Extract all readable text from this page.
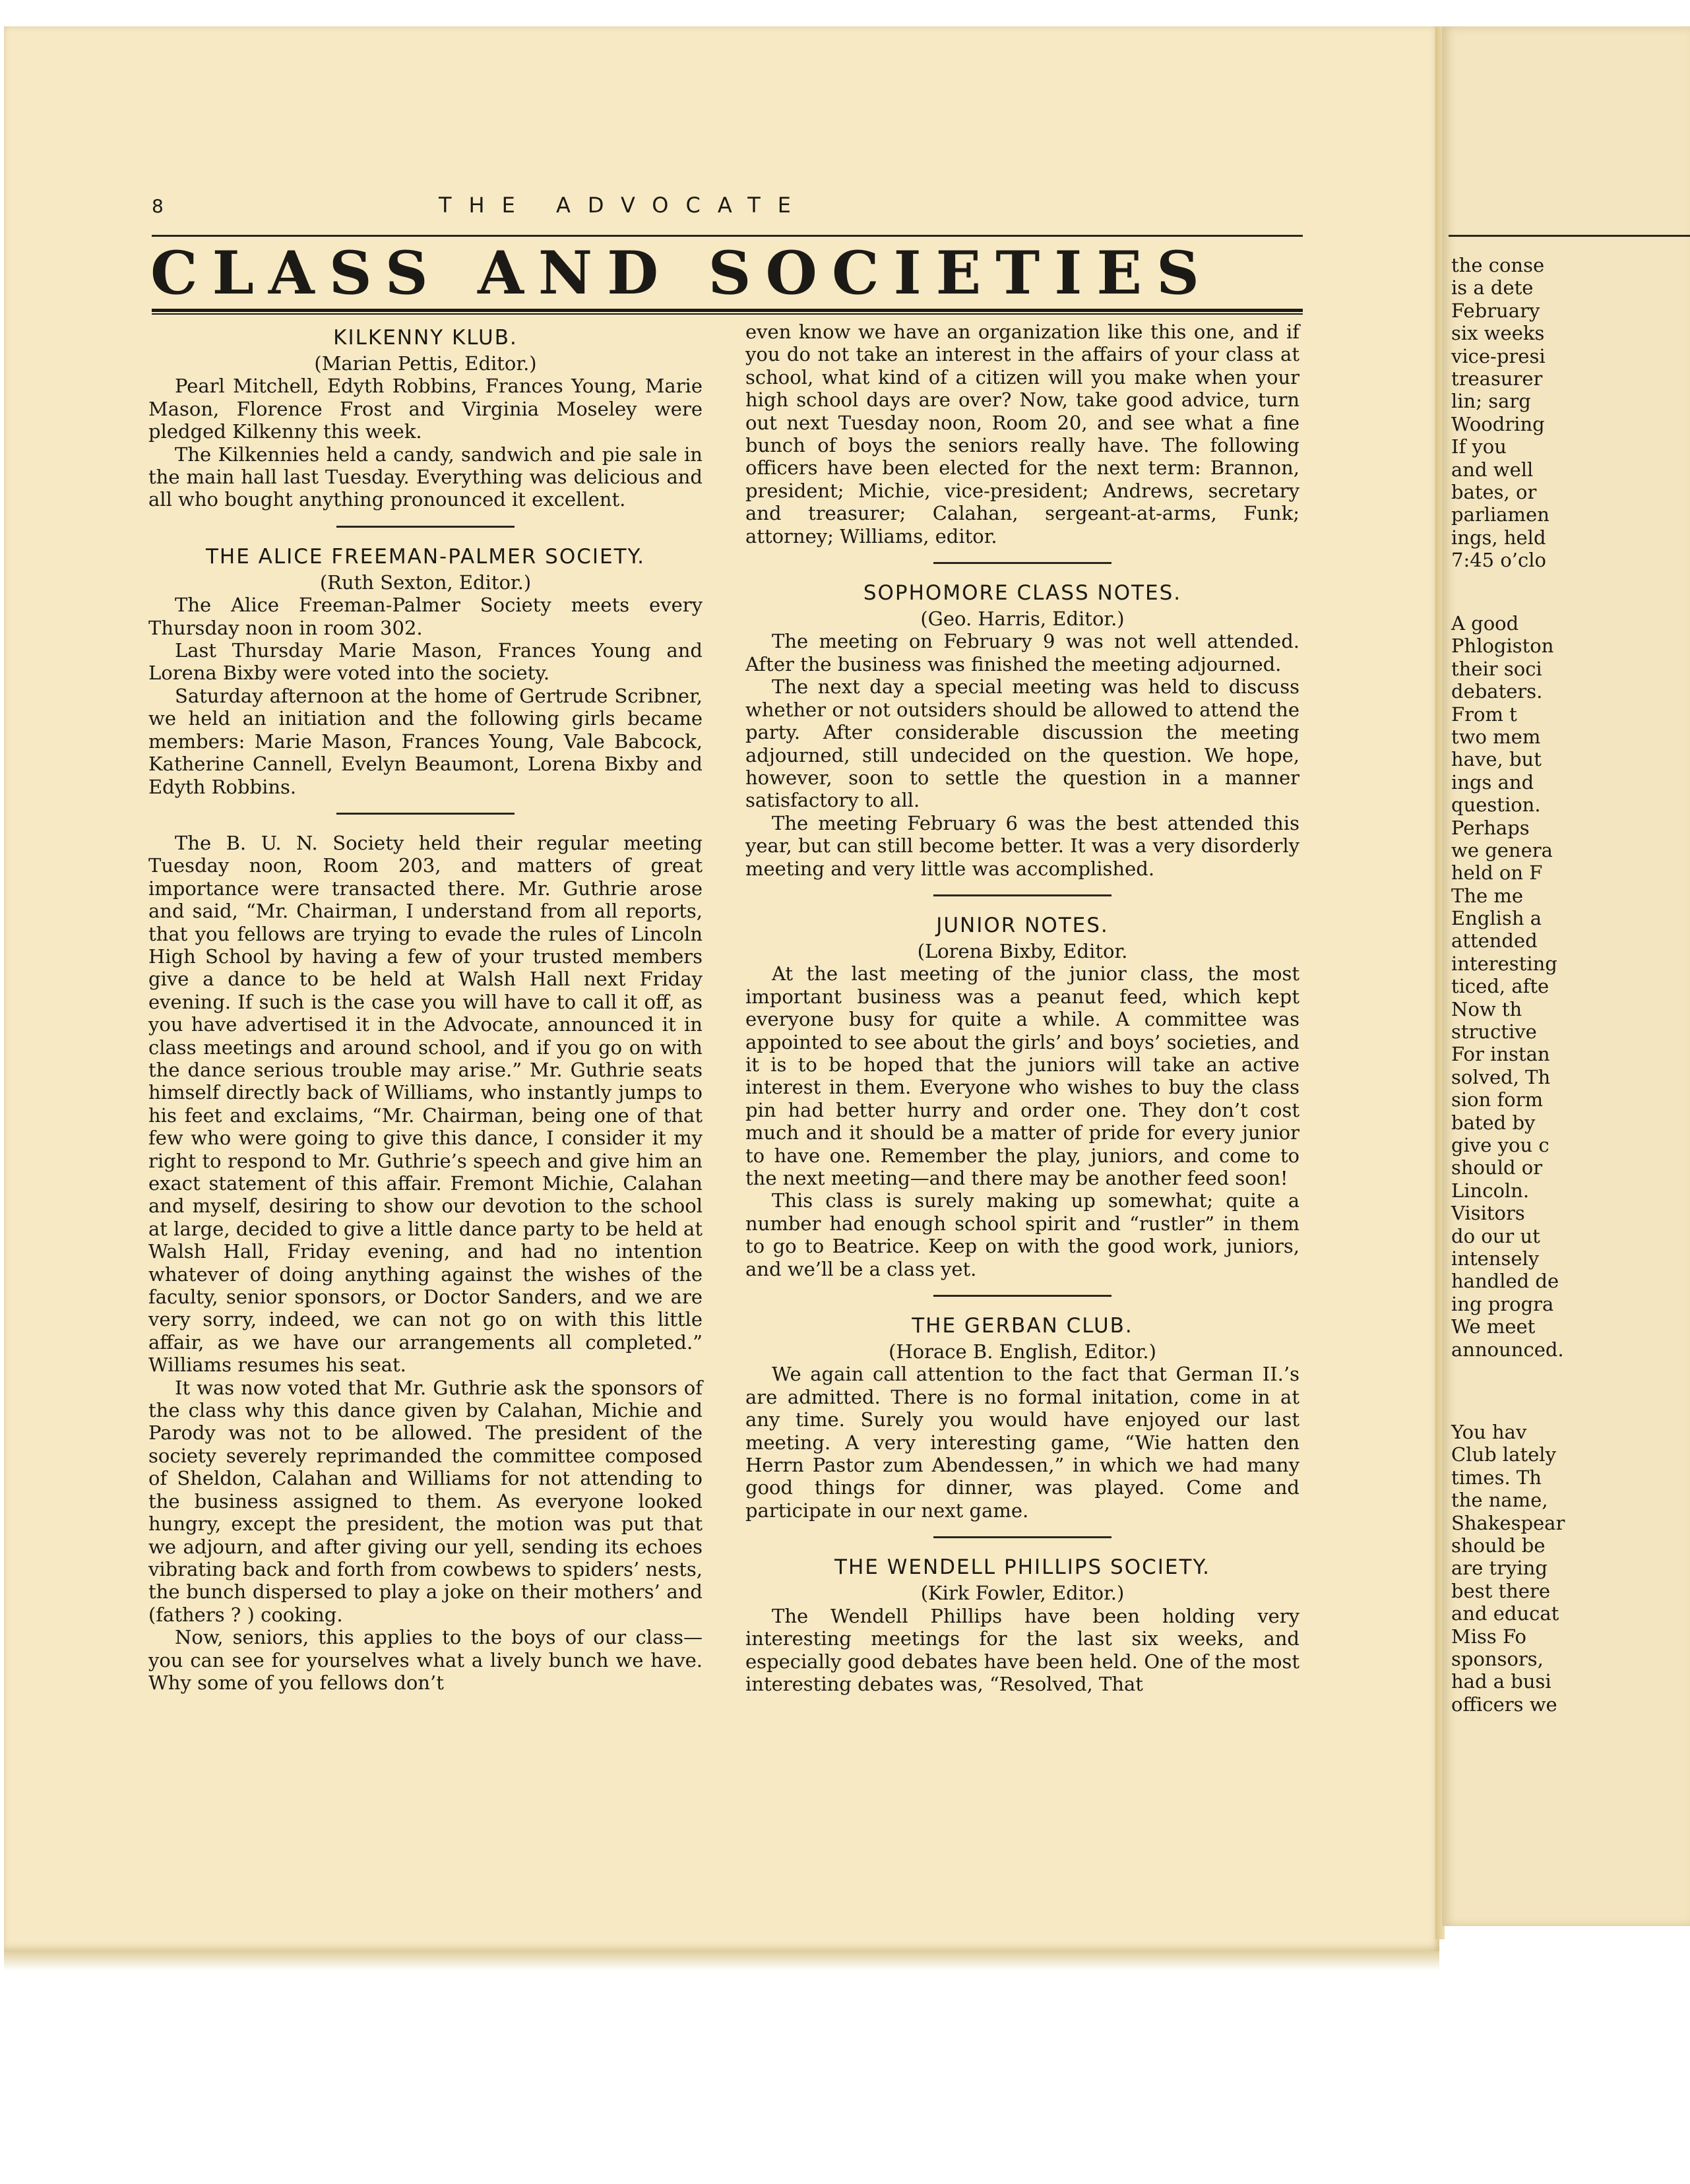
8	THE ADVOCATE
CLASS AND SOCIETIES
KILKENNY KLUB.
(Marian Pettis, Editor.)

Pearl Mitchell, Edyth Robbins, Frances Young, Marie Mason, Florence Frost and Virginia Moseley were pledged Kilkenny this week.

The Kilkennies held a candy, sandwich and pie sale in the main hall last Tuesday. Everything was delicious and all who bought anything pronounced it excellent.

THE ALICE FREEMAN-PALMER SOCIETY.
(Ruth Sexton, Editor.)

The Alice Freeman-Palmer Society meets every Thursday noon in room 302.

Last Thursday Marie Mason, Frances Young and Lorena Bixby were voted into the society.

Saturday afternoon at the home of Gertrude Scribner, we held an initiation and the following girls became members: Marie Mason, Frances Young, Vale Babcock, Katherine Cannell, Evelyn Beaumont, Lorena Bixby and Edyth Robbins.

The B. U. N. Society held their regular meeting Tuesday noon, Room 203, and matters of great importance were transacted there. Mr. Guthrie arose and said, “Mr. Chairman, I understand from all reports, that you fellows are trying to evade the rules of Lincoln High School by having a few of your trusted members give a dance to be held at Walsh Hall next Friday evening. If such is the case you will have to call it off, as you have advertised it in the Advocate, announced it in class meetings and around school, and if you go on with the dance serious trouble may arise.” Mr. Guthrie seats himself directly back of Williams, who instantly jumps to his feet and exclaims, “Mr. Chairman, being one of that few who were going to give this dance, I consider it my right to respond to Mr. Guthrie’s speech and give him an exact statement of this affair. Fremont Michie, Calahan and myself, desiring to show our devotion to the school at large, decided to give a little dance party to be held at Walsh Hall, Friday evening, and had no intention whatever of doing anything against the wishes of the faculty, senior sponsors, or Doctor Sanders, and we are very sorry, indeed, we can not go on with this little affair, as we have our arrangements all completed.” Williams resumes his seat.

It was now voted that Mr. Guthrie ask the sponsors of the class why this dance given by Calahan, Michie and Parody was not to be allowed. The president of the society severely reprimanded the committee composed of Sheldon, Calahan and Williams for not attending to the business assigned to them. As everyone looked hungry, except the president, the motion was put that we adjourn, and after giving our yell, sending its echoes vibrating back and forth from cowbews to spiders’ nests, the bunch dispersed to play a joke on their mothers’ and (fathers ? ) cooking.

Now, seniors, this applies to the boys of our class—you can see for yourselves what a lively bunch we have. Why some of you fellows don’t

even know we have an organization like this one, and if you do not take an interest in the affairs of your class at school, what kind of a citizen will you make when your high school days are over? Now, take good advice, turn out next Tuesday noon, Room 20, and see what a fine bunch of boys the seniors really have. The following officers have been elected for the next term: Brannon, president; Michie, vice-president; Andrews, secretary and treasurer; Calahan, sergeant-at-arms, Funk; attorney; Williams, editor.

SOPHOMORE CLASS NOTES.
(Geo. Harris, Editor.)

The meeting on February 9 was not well attended. After the business was finished the meeting adjourned.

The next day a special meeting was held to discuss whether or not outsiders should be allowed to attend the party. After considerable discussion the meeting adjourned, still undecided on the question. We hope, however, soon to settle the question in a manner satisfactory to all.

The meeting February 6 was the best attended this year, but can still become better. It was a very disorderly meeting and very little was accomplished.

JUNIOR NOTES.
(Lorena Bixby, Editor.

At the last meeting of the junior class, the most important business was a peanut feed, which kept everyone busy for quite a while. A committee was appointed to see about the girls’ and boys’ societies, and it is to be hoped that the juniors will take an active interest in them. Everyone who wishes to buy the class pin had better hurry and order one. They don’t cost much and it should be a matter of pride for every junior to have one. Remember the play, juniors, and come to the next meeting—and there may be another feed soon!

This class is surely making up somewhat; quite a number had enough school spirit and “rustler” in them to go to Beatrice. Keep on with the good work, juniors, and we’ll be a class yet.

THE GERBAN CLUB.
(Horace B. English, Editor.)

We again call attention to the fact that German II.’s are admitted. There is no formal initation, come in at any time. Surely you would have enjoyed our last meeting. A very interesting game, “Wie hatten den Herrn Pastor zum Abendessen,” in which we had many good things for dinner, was played. Come and participate in our next game.

THE WENDELL PHILLIPS SOCIETY.
(Kirk Fowler, Editor.)

The Wendell Phillips have been holding very interesting meetings for the last six weeks, and especially good debates have been held. One of the most interesting debates was, “Resolved, That

the conse
is a dete
February
six weeks
vice-presi
treasurer
lin; sarg
Woodring
If you
and well
bates, or
parliamen
ings, held
7:45 o’clo
A good
Phlogiston
their soci
debaters.
From t
two mem
have, but
ings and
question.
Perhaps
we genera
held on F
The me
English a
attended
interesting
ticed, afte
Now th
structive
For instan
solved, Th
sion form
bated by
give you c
should or
Lincoln.
Visitors
do our ut
intensely
handled de
ing progra
We meet
announced.
You hav
Club lately
times. Th
the name,
Shakespear
should be
are trying
best there
and educat
Miss Fo
sponsors,
had a busi
officers we
